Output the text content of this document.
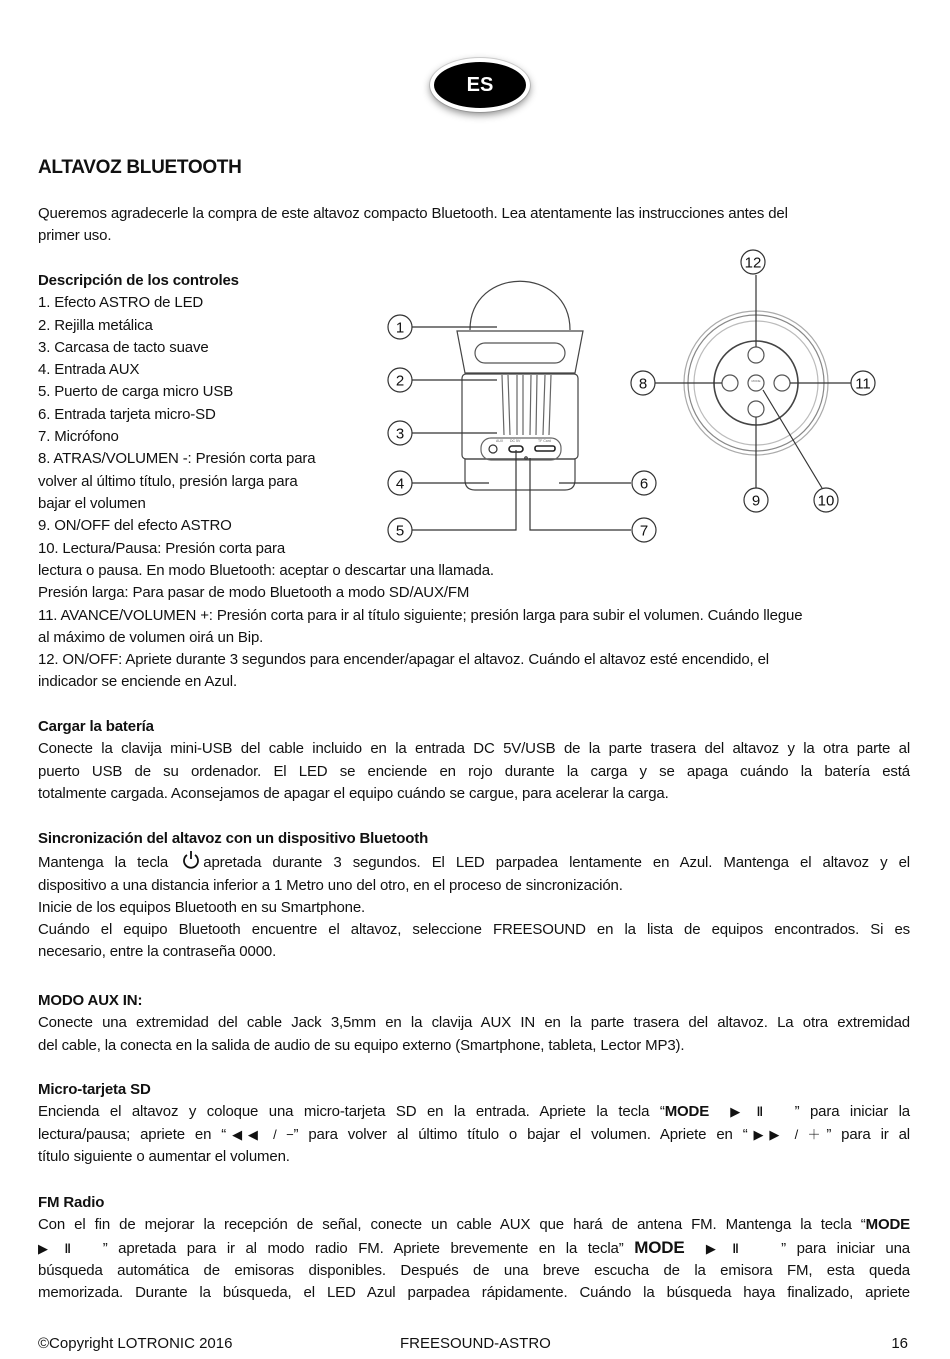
ES
ALTAVOZ BLUETOOTH
Queremos agradecerle la compra de este altavoz compacto Bluetooth. Lea atentamente las instrucciones antes del
primer uso.
Descripción de los controles
1. Efecto ASTRO de LED
2. Rejilla metálica
3. Carcasa de tacto suave
4. Entrada AUX
5. Puerto de carga micro USB
6. Entrada tarjeta micro-SD
7. Micrófono
8. ATRAS/VOLUMEN -: Presión corta para
volver al último título, presión larga para
bajar el volumen
9. ON/OFF del efecto ASTRO
10. Lectura/Pausa: Presión corta para
lectura o pausa. En modo Bluetooth: aceptar o descartar una llamada.
Presión larga: Para pasar de modo Bluetooth a modo SD/AUX/FM
11. AVANCE/VOLUMEN +: Presión corta para ir al título siguiente; presión larga para subir el volumen. Cuándo llegue
al máximo de volumen oirá un Bip.
12. ON/OFF: Apriete durante 3 segundos para encender/apagar el altavoz. Cuándo el altavoz esté encendido, el
indicador se enciende en Azul.
AUX DC 5V	TF Card
MODE
1
2
3
4
5
6
7
8
9	10
11
12
Cargar la batería
Conecte la clavija mini-USB del cable incluido en la entrada DC 5V/USB de la parte trasera del altavoz y la otra parte al
puerto USB de su ordenador. El LED se enciende en rojo durante la carga y se apaga cuándo la batería está
totalmente cargada. Aconsejamos de apagar el equipo cuándo se cargue, para acelerar la carga.
Sincronización del altavoz con un dispositivo Bluetooth
Mantenga la tecla apretada durante 3 segundos. El LED parpadea lentamente en Azul. Mantenga el altavoz y el
dispositivo a una distancia inferior a 1 Metro uno del otro, en el proceso de sincronización.
Inicie de los equipos Bluetooth en su Smartphone.
Cuándo el equipo Bluetooth encuentre el altavoz, seleccione FREESOUND en la lista de equipos encontrados. Si es
necesario, entre la contraseña 0000.
MODO AUX IN:
Conecte una extremidad del cable Jack 3,5mm en la clavija AUX IN en la parte trasera del altavoz. La otra extremidad
del cable, la conecta en la salida de audio de su equipo externo (Smartphone, tableta, Lector MP3).
Micro-tarjeta SD
Encienda el altavoz y coloque una micro-tarjeta SD en la entrada. Apriete la tecla “MODE ▶ ‖ ” para iniciar la
lectura/pausa; apriete en “◀◀ / −” para volver al último título o bajar el volumen. Apriete en “▶▶ / ＋” para ir al
título siguiente o aumentar el volumen.
FM Radio
Con el fin de mejorar la recepción de señal, conecte un cable AUX que hará de antena FM. Mantenga la tecla “MODE
▶ ‖ ” apretada para ir al modo radio FM. Apriete brevemente en la tecla” MODE ▶ ‖	” para iniciar una
búsqueda automática de emisoras disponibles. Después de una breve escucha de la emisora FM, esta queda
memorizada. Durante la búsqueda, el LED Azul parpadea rápidamente. Cuándo la búsqueda haya finalizado, apriete
©Copyright LOTRONIC 2016	FREESOUND-ASTRO	16
